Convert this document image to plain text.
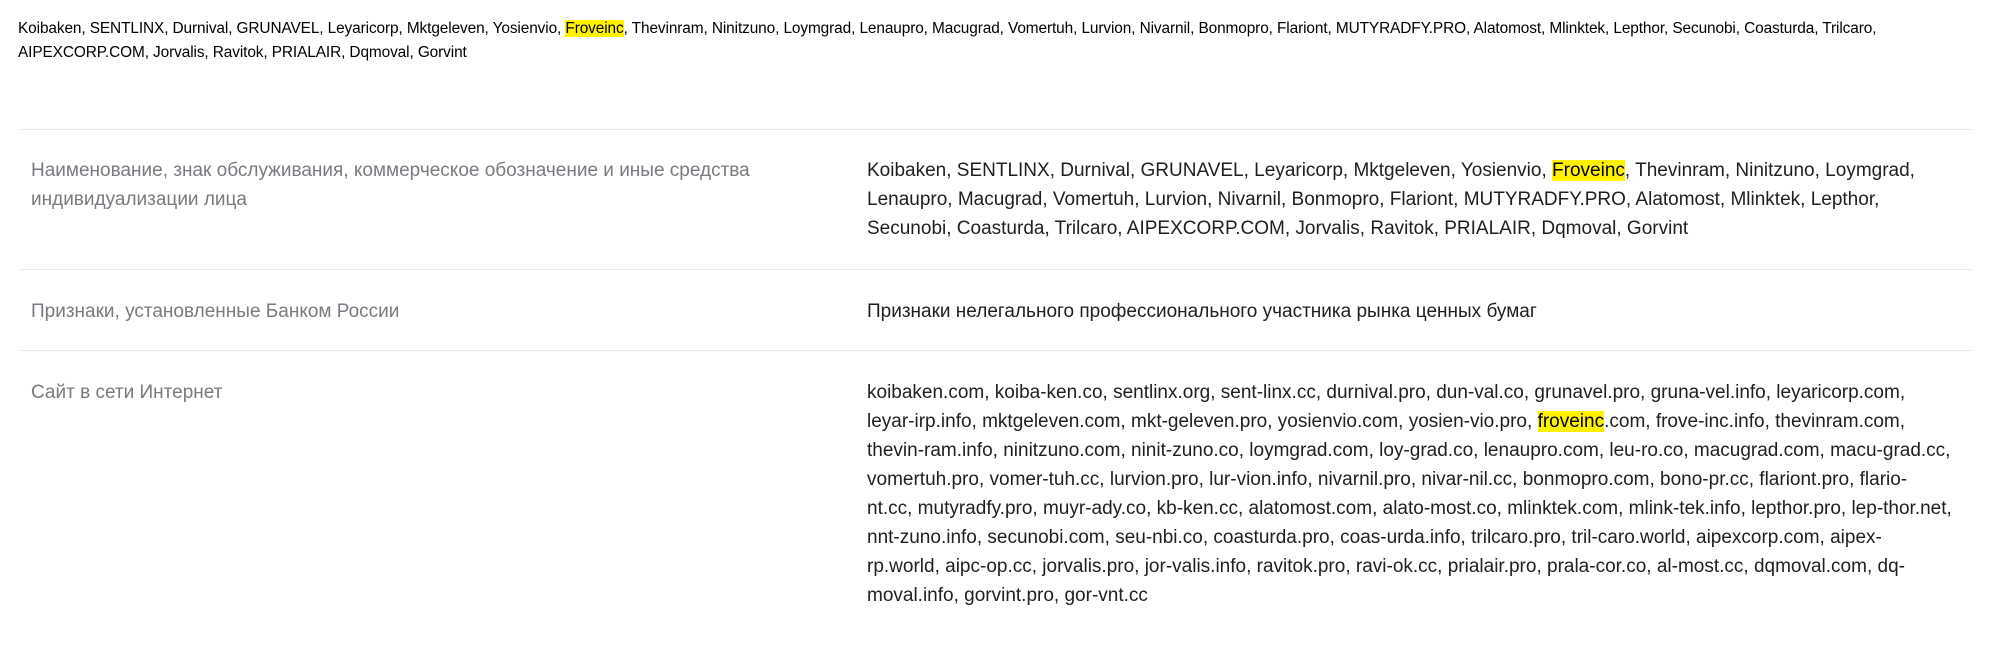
Koibaken, SENTLINX, Durnival, GRUNAVEL, Leyaricorp, Mktgeleven, Yosienvio, Froveinc, Thevinram, Ninitzuno, Loymgrad, Lenaupro, Macugrad, Vomertuh, Lurvion, Nivarnil, Bonmopro, Flariont, MUTYRADFY.PRO, Alatomost, Mlinktek, Lepthor, Secunobi, Coasturda, Trilcaro, AIPEXCORP.COM, Jorvalis, Ravitok, PRIALAIR, Dqmoval, Gorvint
Наименование, знак обслуживания, коммерческое обозначение и иные средства индивидуализации лица
Koibaken, SENTLINX, Durnival, GRUNAVEL, Leyaricorp, Mktgeleven, Yosienvio, Froveinc, Thevinram, Ninitzuno, Loymgrad, Lenaupro, Macugrad, Vomertuh, Lurvion, Nivarnil, Bonmopro, Flariont, MUTYRADFY.PRO, Alatomost, Mlinktek, Lepthor, Secunobi, Coasturda, Trilcaro, AIPEXCORP.COM, Jorvalis, Ravitok, PRIALAIR, Dqmoval, Gorvint
Признаки, установленные Банком России	Признаки нелегального профессионального участника рынка ценных бумаг
Сайт в сети Интернет	koibaken.com, koiba-ken.co, sentlinx.org, sent-linx.cc, durnival.pro, dun-val.co, grunavel.pro, gruna-vel.info, leyaricorp.com, leyar-irp.info, mktgeleven.com, mkt-geleven.pro, yosienvio.com, yosien-vio.pro, froveinc.com, frove-inc.info, thevinram.com, thevin-ram.info, ninitzuno.com, ninit-zuno.co, loymgrad.com, loy-grad.co, lenaupro.com, leu-ro.co, macugrad.com, macu-grad.cc, vomertuh.pro, vomer-tuh.cc, lurvion.pro, lur-vion.info, nivarnil.pro, nivar-nil.cc, bonmopro.com, bono-pr.cc, flariont.pro, flario-nt.cc, mutyradfy.pro, muyr-ady.co, kb-ken.cc, alatomost.com, alato-most.co, mlinktek.com, mlink-tek.info, lepthor.pro, lep-thor.net, nnt-zuno.info, secunobi.com, seu-nbi.co, coasturda.pro, coas-urda.info, trilcaro.pro, tril-caro.world, aipexcorp.com, aipex-rp.world, aipc-op.cc, jorvalis.pro, jor-valis.info, ravitok.pro, ravi-ok.cc, prialair.pro, prala-cor.co, al-most.cc, dqmoval.com, dq-moval.info, gorvint.pro, gor-vnt.cc
